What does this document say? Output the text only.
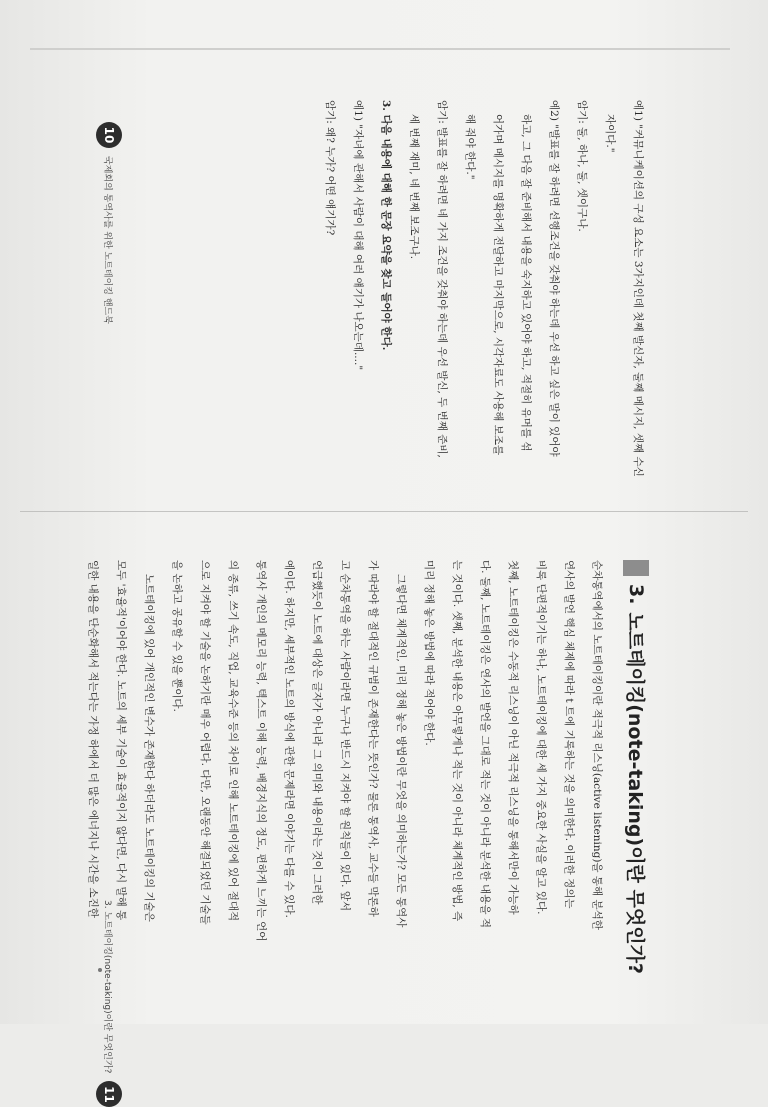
예1) "커뮤니케이션의 구성 요소는 3가지인데 첫째 발신자, 둘째 메시지, 셋째 수신

자이다."

암기: 둘, 하나, 둘, 셋이구나.

예2) "발표를 잘 하려면 선행조건을 갖춰야 하는데 우선 하고 싶은 말이 있어야

하고, 그 다음 잘 준비해서 내용을 숙지하고 있어야 하고, 적절히 유머를 섞

어가며 메시지를 명확하게 전달하고 마지막으로, 시각자료도 사용해 보조를

해 줘야 한다."

암기: 발표를 잘 하려면 네 가지 조건을 갖춰야 하는데 우선 발신, 두 번째 준비,

세 번째 재미, 네 번째 보조구나.

3. 다음 내용에 대해 한 문장 요약을 찾고 들어야 한다.

예1) "자녀에 관해서 사람이 대해 여러 얘기가 나오는데...."

암기: 왜? 누가? 어떤 얘기가?

10
국제회의 통역사를 위한 노트테이킹 핸드북
3.
노트테이킹(note-taking)이란 무엇인가?

순차통역에서의 노트테이킹이란 적극적 리스닝(active listening)을 통해 분석한

연사의 발언 핵심 체제에 따라 t 트에 기록하는 것을 의미한다. 이러한 정의는

비록 단편적이기는 하나, 노트테이킹에 대한 세 가지 중요한 사실을 알고 있다.

첫째, 노트테이킹은 수동적 리스닝이 아닌 적극적 리스닝을 통해서만이 가능하

다. 둘째, 노트테이킹은 연사의 발언을 그대로 적는 것이 아니라 분석한 내용을 적

는 것이다. 셋째, 분석한 내용은 아무렇게나 적는 것이 아니라 체계적인 방법, 즉

미리 정해 놓은 방법에 따라 적어야 한다.

그렇다면 체계적인, 미리 정해 놓은 방법이란 무엇을 의미하는가? 모든 통역사

가 따라야 할 절대적인 규범이 존재한다는 뜻인가? 물론 통역사, 교수들 막론하

고 순차통역을 하는 사람이라면 누구나 반드시 지켜야 할 원칙들이 있다. 앞서

언급했듯이 노트에 대상은 글자가 아니라 그 의미와 내용이라는 것이 그러한

예이다. 하지만, 세부적인 노트의 방식에 관한 문제라면 이야기는 다를 수 있다.

통역사 개인의 메모리 능력, 텍스트 이해 능력, 배경지식의 정도, 편하게 느끼는 언어

의 종류, 쓰기 속도, 직업, 교육수준 등의 차이로 인해 노트테이킹에 있어 절대적

으로 지켜야 할 기술을 논하기란 매우 어렵다. 다만, 오랜동안 해결되었던 기술들

을 논하고 공유할 수 있을 뿐이다.

노트테이킹에 있어 개인적인 변수가 존재한다 하더라도 노트테이킹의 기술은

모두 '효율적'이어야 한다. 노트의 세부 기술이 효율적이지 않다면, 다시 말해 통

일한 내용을 단순화해서 적는다는 가정 하에서 더 많은 에너지나 시간을 소진한

3. 노트테이킹(note-taking)이란 무엇인가?
11
